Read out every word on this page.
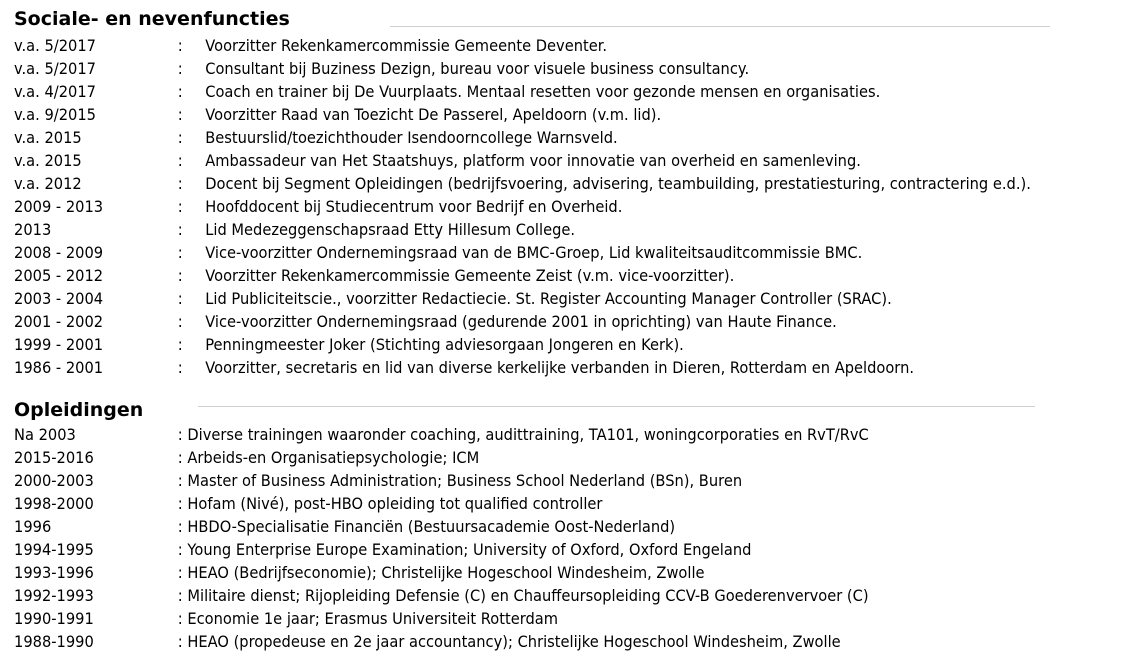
Sociale- en nevenfuncties
v.a. 5/2017	: Voorzitter Rekenkamercommissie Gemeente Deventer.
v.a. 5/2017	: Consultant bij Buziness Dezign, bureau voor visuele business consultancy.
v.a. 4/2017	: Coach en trainer bij De Vuurplaats. Mentaal resetten voor gezonde mensen en organisaties.
v.a. 9/2015	: Voorzitter Raad van Toezicht De Passerel, Apeldoorn (v.m. lid).
v.a. 2015	: Bestuurslid/toezichthouder Isendoorncollege Warnsveld.
v.a. 2015	: Ambassadeur van Het Staatshuys, platform voor innovatie van overheid en samenleving.
v.a. 2012	: Docent bij Segment Opleidingen (bedrijfsvoering, advisering, teambuilding, prestatiesturing, contractering e.d.).
2009 - 2013	: Hoofddocent bij Studiecentrum voor Bedrijf en Overheid.
2013	: Lid Medezeggenschapsraad Etty Hillesum College.
2008 - 2009	: Vice-voorzitter Ondernemingsraad van de BMC-Groep, Lid kwaliteitsauditcommissie BMC.
2005 - 2012	: Voorzitter Rekenkamercommissie Gemeente Zeist (v.m. vice-voorzitter).
2003 - 2004	: Lid Publiciteitscie., voorzitter Redactiecie. St. Register Accounting Manager Controller (SRAC).
2001 - 2002	: Vice-voorzitter Ondernemingsraad (gedurende 2001 in oprichting) van Haute Finance.
1999 - 2001	: Penningmeester Joker (Stichting adviesorgaan Jongeren en Kerk).
1986 - 2001	: Voorzitter, secretaris en lid van diverse kerkelijke verbanden in Dieren, Rotterdam en Apeldoorn.
Opleidingen
Na 2003	: Diverse trainingen waaronder coaching, audittraining, TA101, woningcorporaties en RvT/RvC
2015-2016	: Arbeids-en Organisatiepsychologie; ICM
2000-2003	: Master of Business Administration; Business School Nederland (BSn), Buren
1998-2000	: Hofam (Nivé), post-HBO opleiding tot qualified controller
1996	: HBDO-Specialisatie Financiën (Bestuursacademie Oost-Nederland)
1994-1995	: Young Enterprise Europe Examination; University of Oxford, Oxford Engeland
1993-1996	: HEAO (Bedrijfseconomie); Christelijke Hogeschool Windesheim, Zwolle
1992-1993	: Militaire dienst; Rijopleiding Defensie (C) en Chauffeursopleiding CCV-B Goederenvervoer (C)
1990-1991	: Economie 1e jaar; Erasmus Universiteit Rotterdam
1988-1990	: HEAO (propedeuse en 2e jaar accountancy); Christelijke Hogeschool Windesheim, Zwolle
